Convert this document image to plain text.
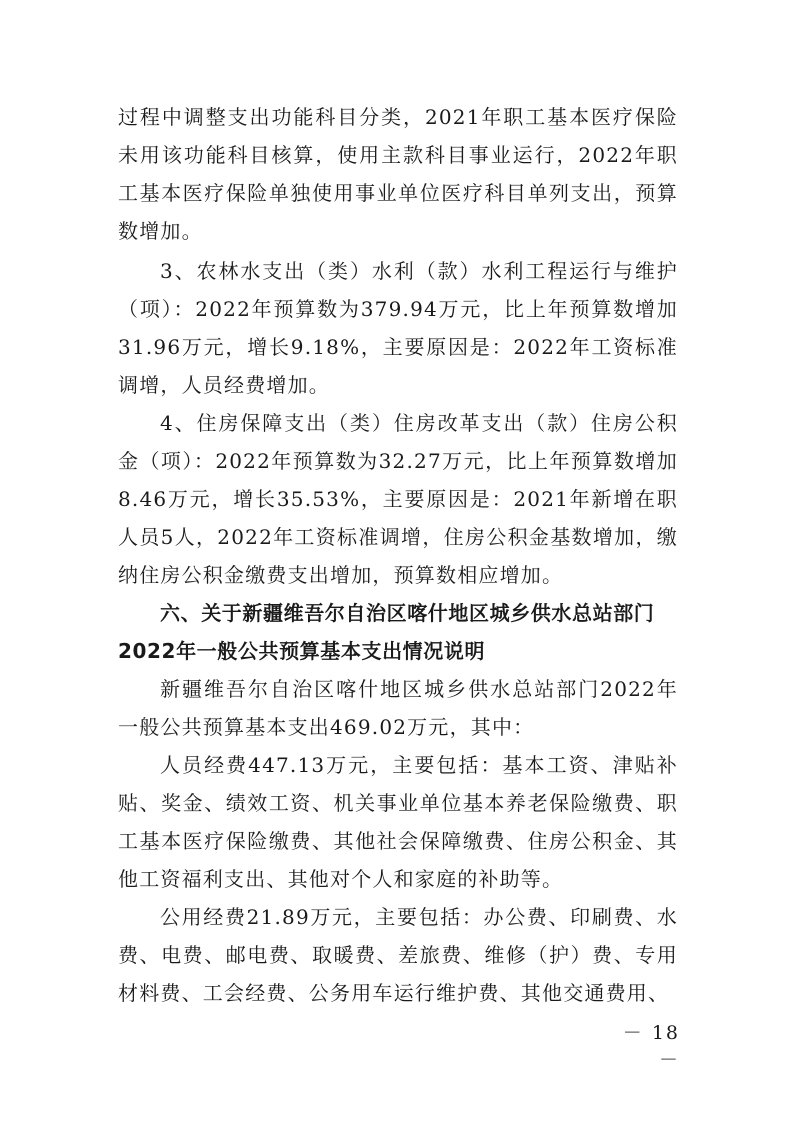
过程中调整支出功能科目分类，2021年职工基本医疗保险未用该功能科目核算，使用主款科目事业运行，2022年职工基本医疗保险单独使用事业单位医疗科目单列支出，预算数增加。

3、农林水支出（类）水利（款）水利工程运行与维护（项）：2022年预算数为379.94万元，比上年预算数增加31.96万元，增长9.18%，主要原因是：2022年工资标准调增，人员经费增加。

4、住房保障支出（类）住房改革支出（款）住房公积金（项）：2022年预算数为32.27万元，比上年预算数增加8.46万元，增长35.53%，主要原因是：2021年新增在职人员5人，2022年工资标准调增，住房公积金基数增加，缴纳住房公积金缴费支出增加，预算数相应增加。

六、关于新疆维吾尔自治区喀什地区城乡供水总站部门2022年一般公共预算基本支出情况说明

新疆维吾尔自治区喀什地区城乡供水总站部门2022年一般公共预算基本支出469.02万元，其中：

人员经费447.13万元，主要包括：基本工资、津贴补贴、奖金、绩效工资、机关事业单位基本养老保险缴费、职工基本医疗保险缴费、其他社会保障缴费、住房公积金、其他工资福利支出、其他对个人和家庭的补助等。

公用经费21.89万元，主要包括：办公费、印刷费、水费、电费、邮电费、取暖费、差旅费、维修（护）费、专用材料费、工会经费、公务用车运行维护费、其他交通费用、

－ 18 －
